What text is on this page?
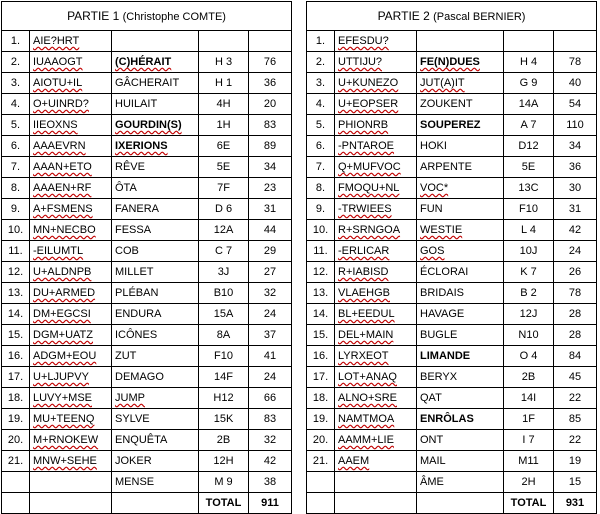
PARTIE 1 (Christophe COMTE)				
1.	AIE?HRT			
2.	IUAAOGT	(C)HÉRAIT	H 3	76
3.	AIOTU+IL	GÂCHERAIT	H 1	36
4.	O+UINRD?	HUILAIT	4H	20
5.	IIEOXNS	GOURDIN(S)	1H	83
6.	AAAEVRN	IXERIONS	6E	89
7.	AAAN+ETO	RÊVE	5E	34
8.	AAAEN+RF	ÔTA	7F	23
9.	A+FSMENS	FANERA	D 6	31
10.	MN+NECBO	FESSA	12A	44
11.	-EILUMTL	COB	C 7	29
12.	U+ALDNPB	MILLET	3J	27
13.	DU+ARMED	PLÉBAN	B10	32
14.	DM+EGCSI	ENDURA	15A	24
15.	DGM+UATZ	ICÔNES	8A	37
16.	ADGM+EOU	ZUT	F10	41
17.	U+LJUPVY	DEMAGO	14F	24
18.	LUVY+MSE	JUMP	H12	66
19.	MU+TEENQ	SYLVE	15K	83
20.	M+RNOKEW	ENQUÊTA	2B	32
21.	MNW+SEHE	JOKER	12H	42
		MENSE	M 9	38
			TOTAL	911
PARTIE 2 (Pascal BERNIER)				
1.	EFESDU?			
2.	UTTIJU?	FE(N)DUES	H 4	78
3.	U+KUNEZO	JUT(A)IT	G 9	40
4.	U+EOPSER	ZOUKENT	14A	54
5.	PHIONRB	SOUPEREZ	A 7	110
6.	-PNTAROE	HOKI	D12	34
7.	Q+MUFVOC	ARPENTE	5E	36
8.	FMOQU+NL	VOC*	13C	30
9.	-TRWIEES	FUN	F10	31
10.	R+SRNGOA	WESTIE	L 4	42
11.	-ERLICAR	GOS	10J	24
12.	R+IABISD	ÉCLORAI	K 7	26
13.	VLAEHGB	BRIDAIS	B 2	78
14.	BL+EEDUL	HAVAGE	12J	28
15.	DEL+MAIN	BUGLE	N10	28
16.	LYRXEOT	LIMANDE	O 4	84
17.	LOT+ANAQ	BERYX	2B	45
18.	ALNO+SRE	QAT	14I	22
19.	NAMTMOA	ENRÔLAS	1F	85
20.	AAMM+LIE	ONT	I 7	22
21.	AAEM	MAIL	M11	19
		ÂME	2H	15
			TOTAL	931
